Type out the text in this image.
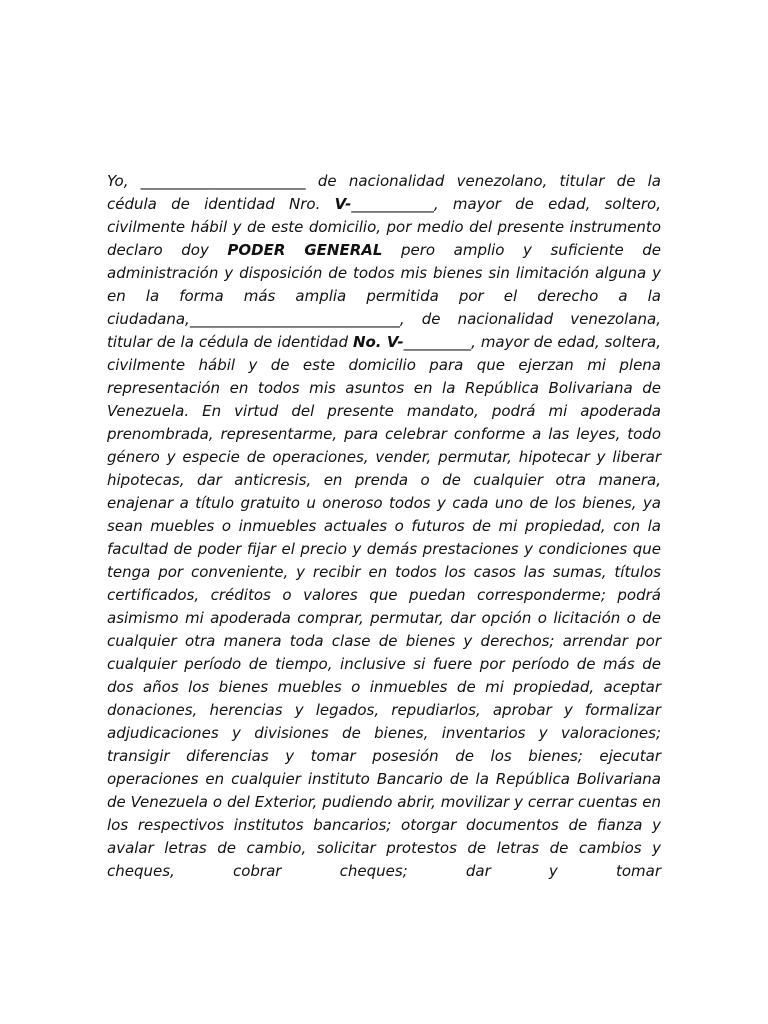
Yo, ______________________ de nacionalidad venezolano, titular de la cédula de identidad Nro. V-___________, mayor de edad, soltero, civilmente hábil y de este domicilio, por medio del presente instrumento declaro doy PODER GENERAL pero amplio y suficiente de administración y disposición de todos mis bienes sin limitación alguna y en la forma más amplia permitida por el derecho a la ciudadana,____________________________, de nacionalidad venezolana, titular de la cédula de identidad No. V-_________, mayor de edad, soltera, civilmente hábil y de este domicilio para que ejerzan mi plena representación en todos mis asuntos en la República Bolivariana de Venezuela. En virtud del presente mandato, podrá mi apoderada prenombrada, representarme, para celebrar conforme a las leyes, todo género y especie de operaciones, vender, permutar, hipotecar y liberar hipotecas, dar anticresis, en prenda o de cualquier otra manera, enajenar a título gratuito u oneroso todos y cada uno de los bienes, ya sean muebles o inmuebles actuales o futuros de mi propiedad, con la facultad de poder fijar el precio y demás prestaciones y condiciones que tenga por conveniente, y recibir en todos los casos las sumas, títulos certificados, créditos o valores que puedan corresponderme; podrá asimismo mi apoderada comprar, permutar, dar opción o licitación o de cualquier otra manera toda clase de bienes y derechos; arrendar por cualquier período de tiempo, inclusive si fuere por período de más de dos años los bienes muebles o inmuebles de mi propiedad, aceptar donaciones, herencias y legados, repudiarlos, aprobar y formalizar adjudicaciones y divisiones de bienes, inventarios y valoraciones; transigir diferencias y tomar posesión de los bienes; ejecutar operaciones en cualquier instituto Bancario de la República Bolivariana de Venezuela o del Exterior, pudiendo abrir, movilizar y cerrar cuentas en los respectivos institutos bancarios; otorgar documentos de fianza y avalar letras de cambio, solicitar protestos de letras de cambios y cheques, cobrar cheques; dar y tomar
